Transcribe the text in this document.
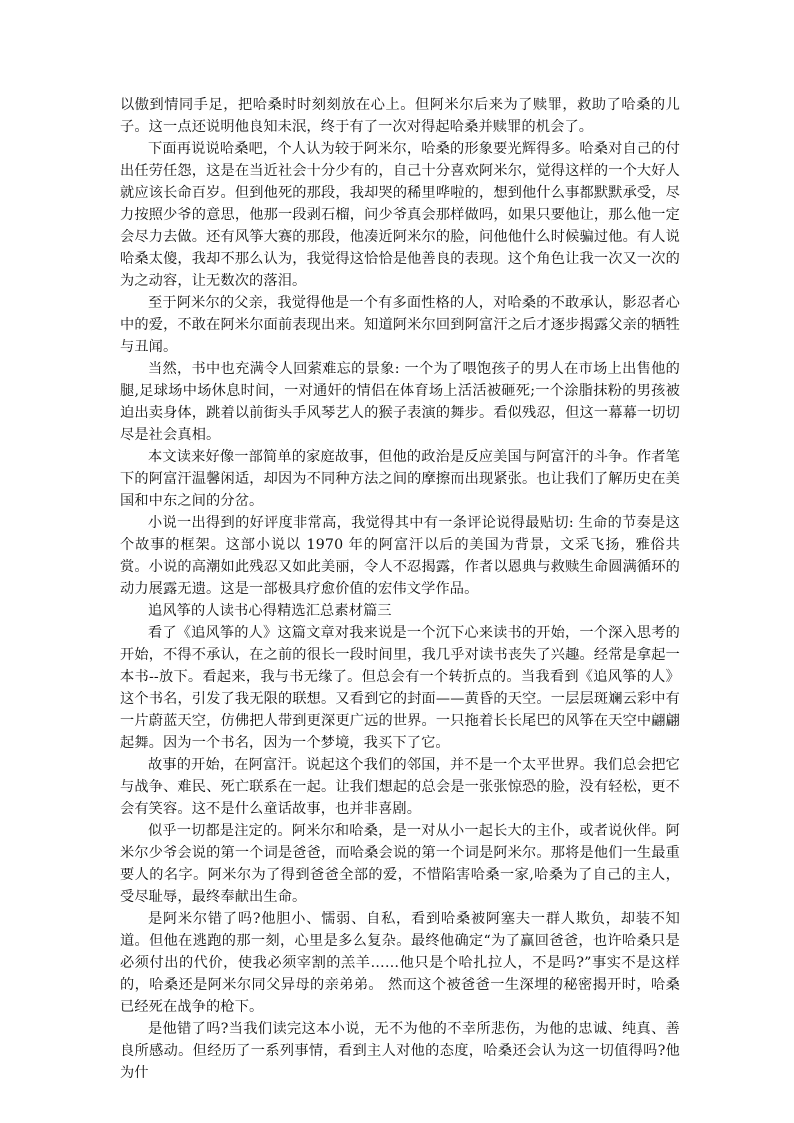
以傲到情同手足，把哈桑时时刻刻放在心上。但阿米尔后来为了赎罪，救助了哈桑的儿子。这一点还说明他良知未泯，终于有了一次对得起哈桑并赎罪的机会了。

下面再说说哈桑吧，个人认为较于阿米尔，哈桑的形象要光辉得多。哈桑对自己的付出任劳任怨，这是在当近社会十分少有的，自己十分喜欢阿米尔，觉得这样的一个大好人就应该长命百岁。但到他死的那段，我却哭的稀里哗啦的，想到他什么事都默默承受，尽力按照少爷的意思，他那一段剥石榴，问少爷真会那样做吗，如果只要他让，那么他一定会尽力去做。还有风筝大赛的那段，他凑近阿米尔的脸，问他他什么时候骗过他。有人说哈桑太傻，我却不那么认为，我觉得这恰恰是他善良的表现。这个角色让我一次又一次的为之动容，让无数次的落泪。

至于阿米尔的父亲，我觉得他是一个有多面性格的人，对哈桑的不敢承认，影忍者心中的爱，不敢在阿米尔面前表现出来。知道阿米尔回到阿富汗之后才逐步揭露父亲的牺牲与丑闻。

当然，书中也充满令人回萦难忘的景象: 一个为了喂饱孩子的男人在市场上出售他的腿,足球场中场休息时间，一对通奸的情侣在体育场上活活被砸死;一个涂脂抹粉的男孩被迫出卖身体，跳着以前街头手风琴艺人的猴子表演的舞步。看似残忍，但这一幕幕一切切尽是社会真相。

本文读来好像一部简单的家庭故事，但他的政治是反应美国与阿富汗的斗争。作者笔下的阿富汗温馨闲适，却因为不同种方法之间的摩擦而出现紧张。也让我们了解历史在美国和中东之间的分岔。

小说一出得到的好评度非常高，我觉得其中有一条评论说得最贴切: 生命的节奏是这个故事的框架。这部小说以 1970 年的阿富汗以后的美国为背景，文采飞扬，雅俗共赏。小说的高潮如此残忍又如此美丽，令人不忍揭露，作者以恩典与救赎生命圆满循环的动力展露无遗。这是一部极具疗愈价值的宏伟文学作品。

追风筝的人读书心得精选汇总素材篇三

看了《追风筝的人》这篇文章对我来说是一个沉下心来读书的开始，一个深入思考的开始，不得不承认，在之前的很长一段时间里，我几乎对读书丧失了兴趣。经常是拿起一本书--放下。看起来，我与书无缘了。但总会有一个转折点的。当我看到《追风筝的人》这个书名，引发了我无限的联想。又看到它的封面——黄昏的天空。一层层斑斓云彩中有一片蔚蓝天空，仿佛把人带到更深更广远的世界。一只拖着长长尾巴的风筝在天空中翩翩起舞。因为一个书名，因为一个梦境，我买下了它。

故事的开始，在阿富汗。说起这个我们的邻国，并不是一个太平世界。我们总会把它与战争、难民、死亡联系在一起。让我们想起的总会是一张张惊恐的脸，没有轻松，更不会有笑容。这不是什么童话故事，也并非喜剧。

似乎一切都是注定的。阿米尔和哈桑，是一对从小一起长大的主仆，或者说伙伴。阿米尔少爷会说的第一个词是爸爸，而哈桑会说的第一个词是阿米尔。那将是他们一生最重要人的名字。阿米尔为了得到爸爸全部的爱，不惜陷害哈桑一家,哈桑为了自己的主人，受尽耻辱，最终奉献出生命。

是阿米尔错了吗?他胆小、懦弱、自私，看到哈桑被阿塞夫一群人欺负，却装不知道。但他在逃跑的那一刻，心里是多么复杂。最终他确定“为了赢回爸爸，也许哈桑只是必须付出的代价，使我必须宰割的羔羊……他只是个哈扎拉人，不是吗?”事实不是这样的，哈桑还是阿米尔同父异母的亲弟弟。 然而这个被爸爸一生深埋的秘密揭开时，哈桑已经死在战争的枪下。

是他错了吗?当我们读完这本小说，无不为他的不幸所悲伤，为他的忠诚、纯真、善良所感动。但经历了一系列事情，看到主人对他的态度，哈桑还会认为这一切值得吗?他为什
